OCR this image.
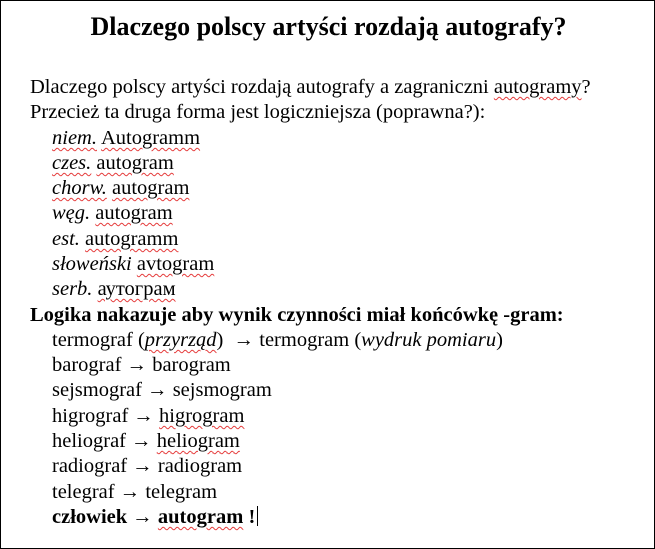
Dlaczego polscy artyści rozdają autografy?
Dlaczego polscy artyści rozdają autografy a zagraniczni autogramy?
Przecież ta druga forma jest logiczniejsza (poprawna?):
niem. Autogramm
czes. autogram
chorw. autogram
węg. autogram
est. autogramm
słoweński avtogram
serb. аутограм
Logika nakazuje aby wynik czynności miał końcówkę -gram:
termograf (przyrząd)  → termogram (wydruk pomiaru)
barograf → barogram
sejsmograf → sejsmogram
higrograf → higrogram
heliograf → heliogram
radiograf → radiogram
telegraf → telegram
człowiek → autogram !
